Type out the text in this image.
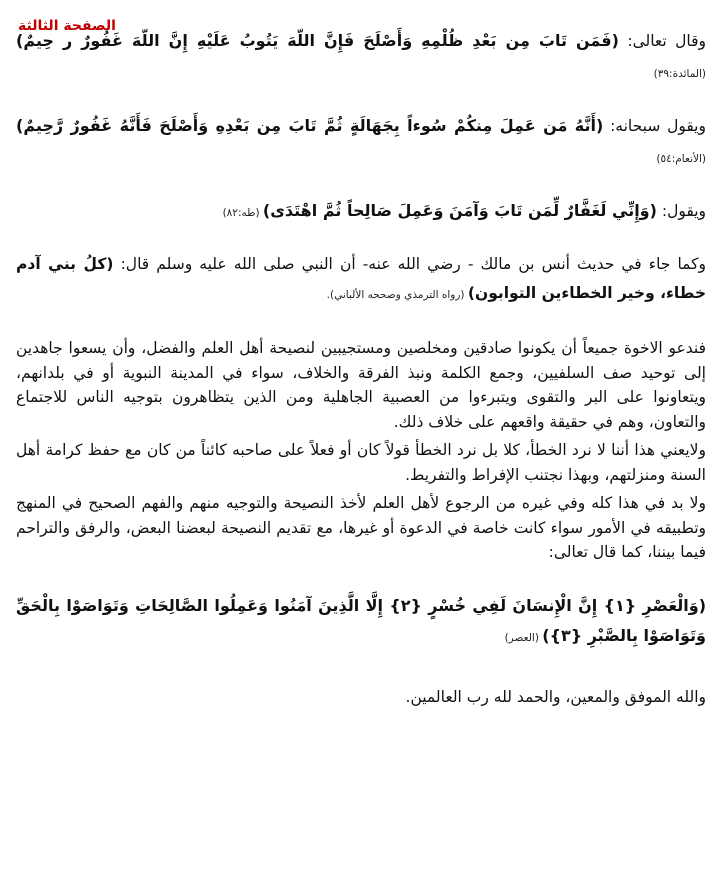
الصفحة الثالثة

وقال تعالى: (فَمَن تَابَ مِن بَعْدِ ظُلْمِهِ وَأَصْلَحَ فَإِنَّ اللّهَ يَتُوبُ عَلَيْهِ إِنَّ اللّهَ غَفُورٌ ر حِيمٌ) (المائدة:٣٩)

ويقول سبحانه: (أَنَّهُ مَن عَمِلَ مِنكُمْ سُوءاً بِجَهَالَةٍ ثُمَّ تَابَ مِن بَعْدِهِ وَأَصْلَحَ فَأَنَّهُ غَفُورٌ رَّحِيمٌ) (الأنعام:٥٤)

ويقول: (وَإِنِّي لَغَفَّارٌ لِّمَن تَابَ وَآمَنَ وَعَمِلَ صَالِحاً ثُمَّ اهْتَدَى) (طه:٨٢)

وكما جاء في حديث أنس بن مالك - رضي الله عنه- أن النبي صلى الله عليه وسلم قال: (كلُ بني آدم خطاء، وخير الخطاءين التوابون) (رواه الترمذي وصححه الألباني).

فندعو الاخوة جميعاً أن يكونوا صادقين ومخلصين ومستجيبين لنصيحة أهل العلم والفضل، وأن يسعوا جاهدين إلى توحيد صف السلفيين، وجمع الكلمة ونبذ الفرقة والخلاف، سواء في المدينة النبوية أو في بلدانهم، ويتعاونوا على البر والتقوى ويتبرءوا من العصبية الجاهلية ومن الذين يتظاهرون بتوجيه الناس للاجتماع والتعاون، وهم في حقيقة واقعهم على خلاف ذلك.

ولايعني هذا أننا لا نرد الخطأ، كلا بل نرد الخطأ قولاً كان أو فعلاً على صاحبه كائناً من كان مع حفظ كرامة أهل السنة ومنزلتهم، وبهذا نجتنب الإفراط والتفريط.

ولا بد في هذا كله وفي غيره من الرجوع لأهل العلم لأخذ النصيحة والتوجيه منهم والفهم الصحيح في المنهج وتطبيقه في الأمور سواء كانت خاصة في الدعوة أو غيرها، مع تقديم النصيحة لبعضنا البعض، والرفق والتراحم فيما بيننا، كما قال تعالى:

(وَالْعَصْرِ {١} إِنَّ الْإِنسَانَ لَفِي خُسْرٍ {٢} إِلَّا الَّذِينَ آمَنُوا وَعَمِلُوا الصَّالِحَاتِ وَتَوَاصَوْا بِالْحَقِّ وَتَوَاصَوْا بِالصَّبْرِ {٣}) (العصر)

والله الموفق والمعين، والحمد لله رب العالمين.
